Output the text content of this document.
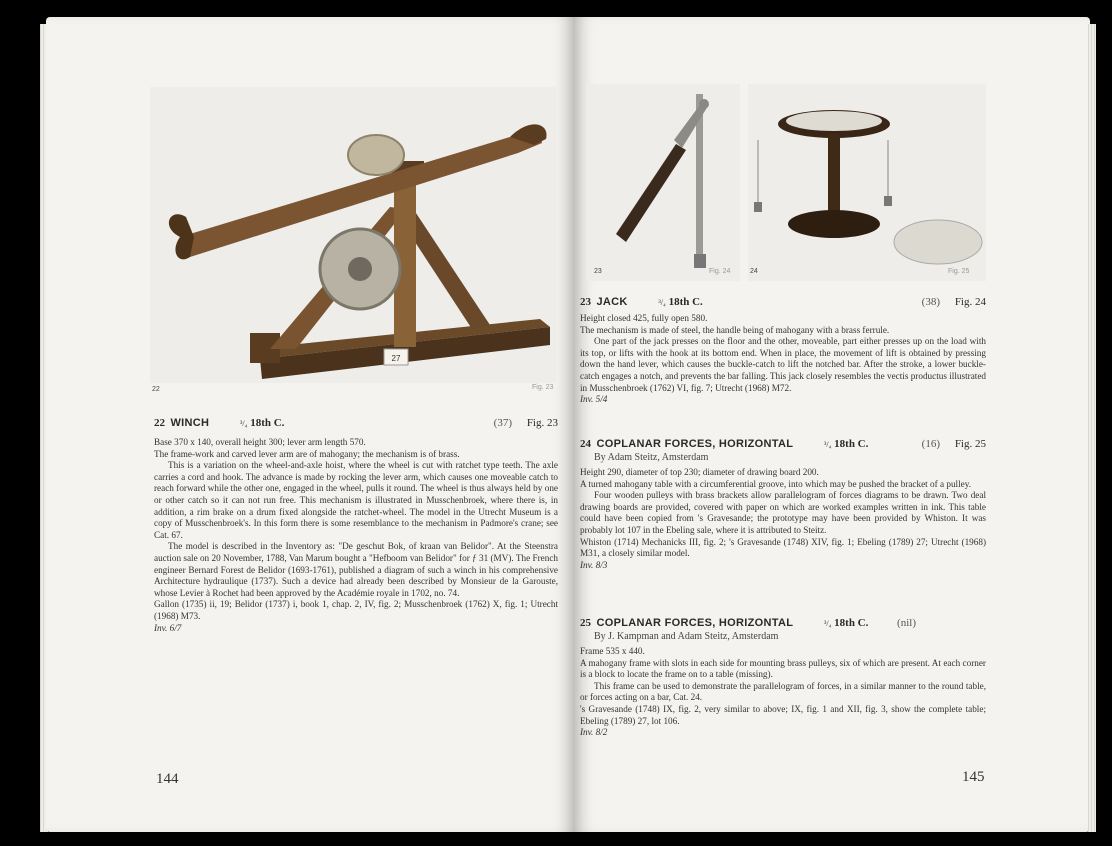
27
22	Fig. 23
22 WINCH	³/₄ 18th C.	(37) Fig. 23

Base 370 x 140, overall height 300; lever arm length 570.

The frame-work and carved lever arm are of mahogany; the mechanism is of brass.

This is a variation on the wheel-and-axle hoist, where the wheel is cut with ratchet type teeth. The axle carries a cord and hook. The advance is made by rocking the lever arm, which causes one moveable catch to reach forward while the other one, engaged in the wheel, pulls it round. The wheel is thus always held by one or other catch so it can not run free. This mechanism is illustrated in Musschenbroek, where there is, in addition, a rim brake on a drum fixed alongside the ratchet-wheel. The model in the Utrecht Museum is a copy of Musschenbroek's. In this form there is some resemblance to the mechanism in Padmore's crane; see Cat. 67.

The model is described in the Inventory as: "De geschut Bok, of kraan van Belidor". At the Steenstra auction sale on 20 November, 1788, Van Marum bought a "Hefboom van Belidor" for ƒ 31 (MV). The French engineer Bernard Forest de Belidor (1693-1761), published a diagram of such a winch in his comprehensive Architecture hydraulique (1737). Such a device had already been described by Monsieur de la Garouste, whose Levier à Rochet had been approved by the Académie royale in 1702, no. 74.

Gallon (1735) ii, 19; Belidor (1737) i, book 1, chap. 2, IV, fig. 2; Musschenbroek (1762) X, fig. 1; Utrecht (1968) M73.

Inv. 6/7

144
23	Fig. 24	24	Fig. 25
23 JACK	³/₄ 18th C.	(38) Fig. 24

Height closed 425, fully open 580.

The mechanism is made of steel, the handle being of mahogany with a brass ferrule.

One part of the jack presses on the floor and the other, moveable, part either presses up on the load with its top, or lifts with the hook at its bottom end. When in place, the movement of lift is obtained by pressing down the hand lever, which causes the buckle-catch to lift the notched bar. After the stroke, a lower buckle-catch engages a notch, and prevents the bar falling. This jack closely resembles the vectis productus illustrated in Musschenbroek (1762) VI, fig. 7; Utrecht (1968) M72.

Inv. 5/4

24 COPLANAR FORCES, HORIZONTAL	³/₄ 18th C.	(16) Fig. 25
By Adam Steitz, Amsterdam

Height 290, diameter of top 230; diameter of drawing board 200.

A turned mahogany table with a circumferential groove, into which may be pushed the bracket of a pulley.

Four wooden pulleys with brass brackets allow parallelogram of forces diagrams to be drawn. Two deal drawing boards are provided, covered with paper on which are worked examples written in ink. This table could have been copied from 's Gravesande; the prototype may have been provided by Whiston. It was probably lot 107 in the Ebeling sale, where it is attributed to Steitz.

Whiston (1714) Mechanicks III, fig. 2; 's Gravesande (1748) XIV, fig. 1; Ebeling (1789) 27; Utrecht (1968) M31, a closely similar model.

Inv. 8/3

25 COPLANAR FORCES, HORIZONTAL	³/₄ 18th C.	(nil)
By J. Kampman and Adam Steitz, Amsterdam

Frame 535 x 440.

A mahogany frame with slots in each side for mounting brass pulleys, six of which are present. At each corner is a block to locate the frame on to a table (missing).

This frame can be used to demonstrate the parallelogram of forces, in a similar manner to the round table, or forces acting on a bar, Cat. 24.

's Gravesande (1748) IX, fig. 2, very similar to above; IX, fig. 1 and XII, fig. 3, show the complete table; Ebeling (1789) 27, lot 106.

Inv. 8/2

145
